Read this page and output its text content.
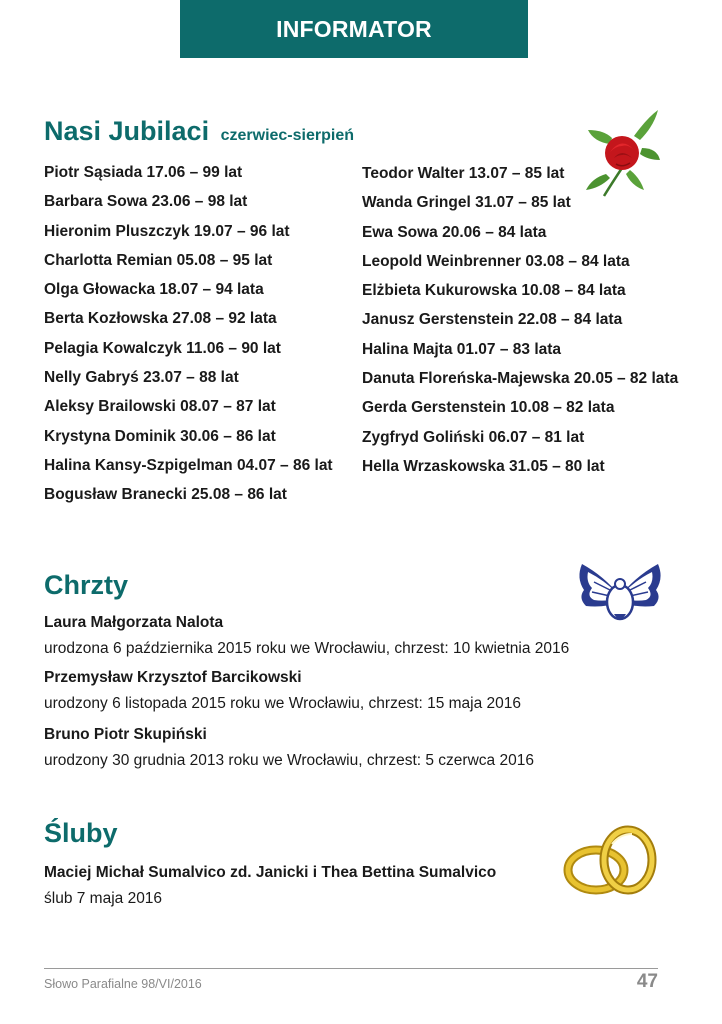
INFORMATOR
Nasi Jubilaci czerwiec-sierpień
Piotr Sąsiada 17.06 – 99 lat
Barbara Sowa 23.06 – 98 lat
Hieronim Pluszczyk 19.07 – 96 lat
Charlotta Remian 05.08 – 95 lat
Olga Głowacka 18.07 – 94 lata
Berta Kozłowska 27.08 – 92 lata
Pelagia Kowalczyk 11.06 – 90 lat
Nelly Gabryś 23.07 – 88 lat
Aleksy Brailowski 08.07 – 87 lat
Krystyna Dominik 30.06 – 86 lat
Halina Kansy-Szpigelman 04.07 – 86 lat
Bogusław Branecki 25.08 – 86 lat
Teodor Walter 13.07 – 85 lat
Wanda Gringel 31.07 – 85 lat
Ewa Sowa 20.06 – 84 lata
Leopold Weinbrenner 03.08 – 84 lata
Elżbieta Kukurowska 10.08 – 84 lata
Janusz Gerstenstein 22.08 – 84 lata
Halina Majta 01.07 – 83 lata
Danuta Floreńska-Majewska 20.05 – 82 lata
Gerda Gerstenstein 10.08 – 82 lata
Zygfryd Goliński 06.07 – 81 lat
Hella Wrzaskowska 31.05 – 80 lat
Chrzty
Laura Małgorzata Nalota
urodzona 6 października 2015 roku we Wrocławiu, chrzest: 10 kwietnia 2016
Przemysław Krzysztof Barcikowski
urodzony 6 listopada 2015 roku we Wrocławiu, chrzest: 15 maja 2016
Bruno Piotr Skupiński
urodzony 30 grudnia 2013 roku we Wrocławiu, chrzest: 5 czerwca 2016
Śluby
Maciej Michał Sumalvico zd. Janicki i Thea Bettina Sumalvico
ślub 7 maja 2016
Słowo Parafialne 98/VI/2016	47
